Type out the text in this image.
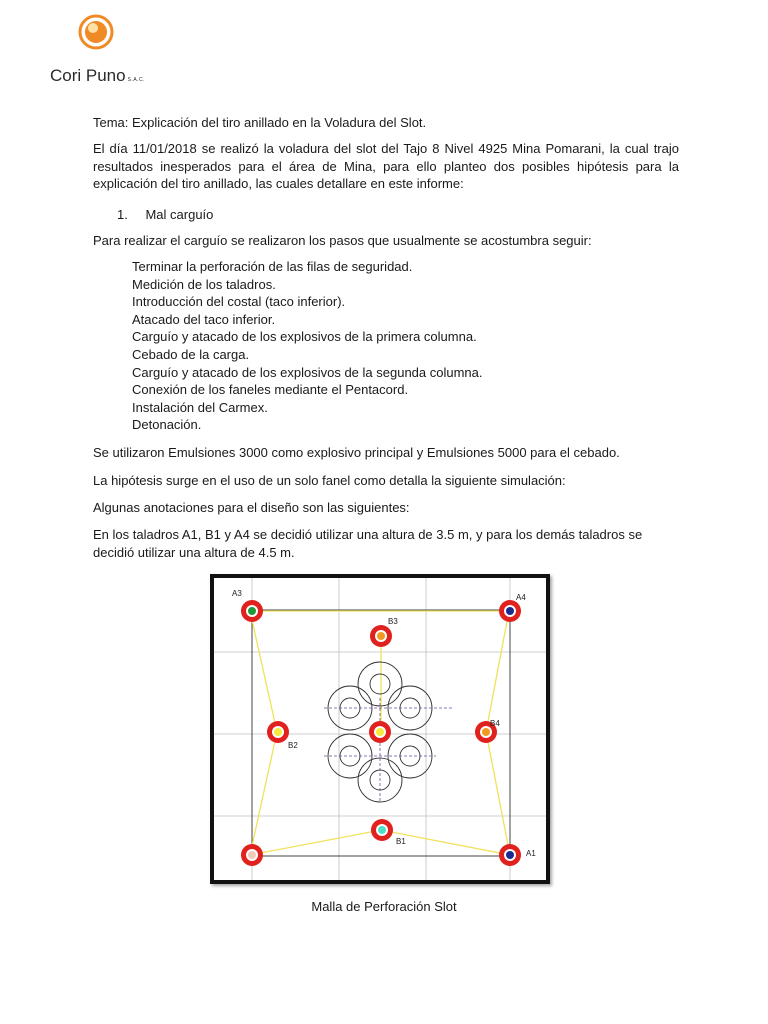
Cori Puno S.A.C.

Tema: Explicación del tiro anillado en la Voladura del Slot.

El día 11/01/2018 se realizó la voladura del slot del Tajo 8 Nivel 4925 Mina Pomarani, la cual trajo resultados inesperados para el área de Mina, para ello planteo dos posibles hipótesis para la explicación del tiro anillado, las cuales detallare en este informe:

1. Mal carguío

Para realizar el carguío se realizaron los pasos que usualmente se acostumbra seguir:

Terminar la perforación de las filas de seguridad.
Medición de los taladros.
Introducción del costal (taco inferior).
Atacado del taco inferior.
Carguío y atacado de los explosivos de la primera columna.
Cebado de la carga.
Carguío y atacado de los explosivos de la segunda columna.
Conexión de los faneles mediante el Pentacord.
Instalación del Carmex.
Detonación.

Se utilizaron Emulsiones 3000 como explosivo principal y Emulsiones 5000 para el cebado.

La hipótesis surge en el uso de un solo fanel como detalla la siguiente simulación:

Algunas anotaciones para el diseño son las siguientes:

En los taladros A1, B1 y A4 se decidió utilizar una altura de 3.5 m, y para los demás taladros se decidió utilizar una altura de 4.5 m.

A3	A4
B3
B4
B2
B1
A1
Malla de Perforación Slot
